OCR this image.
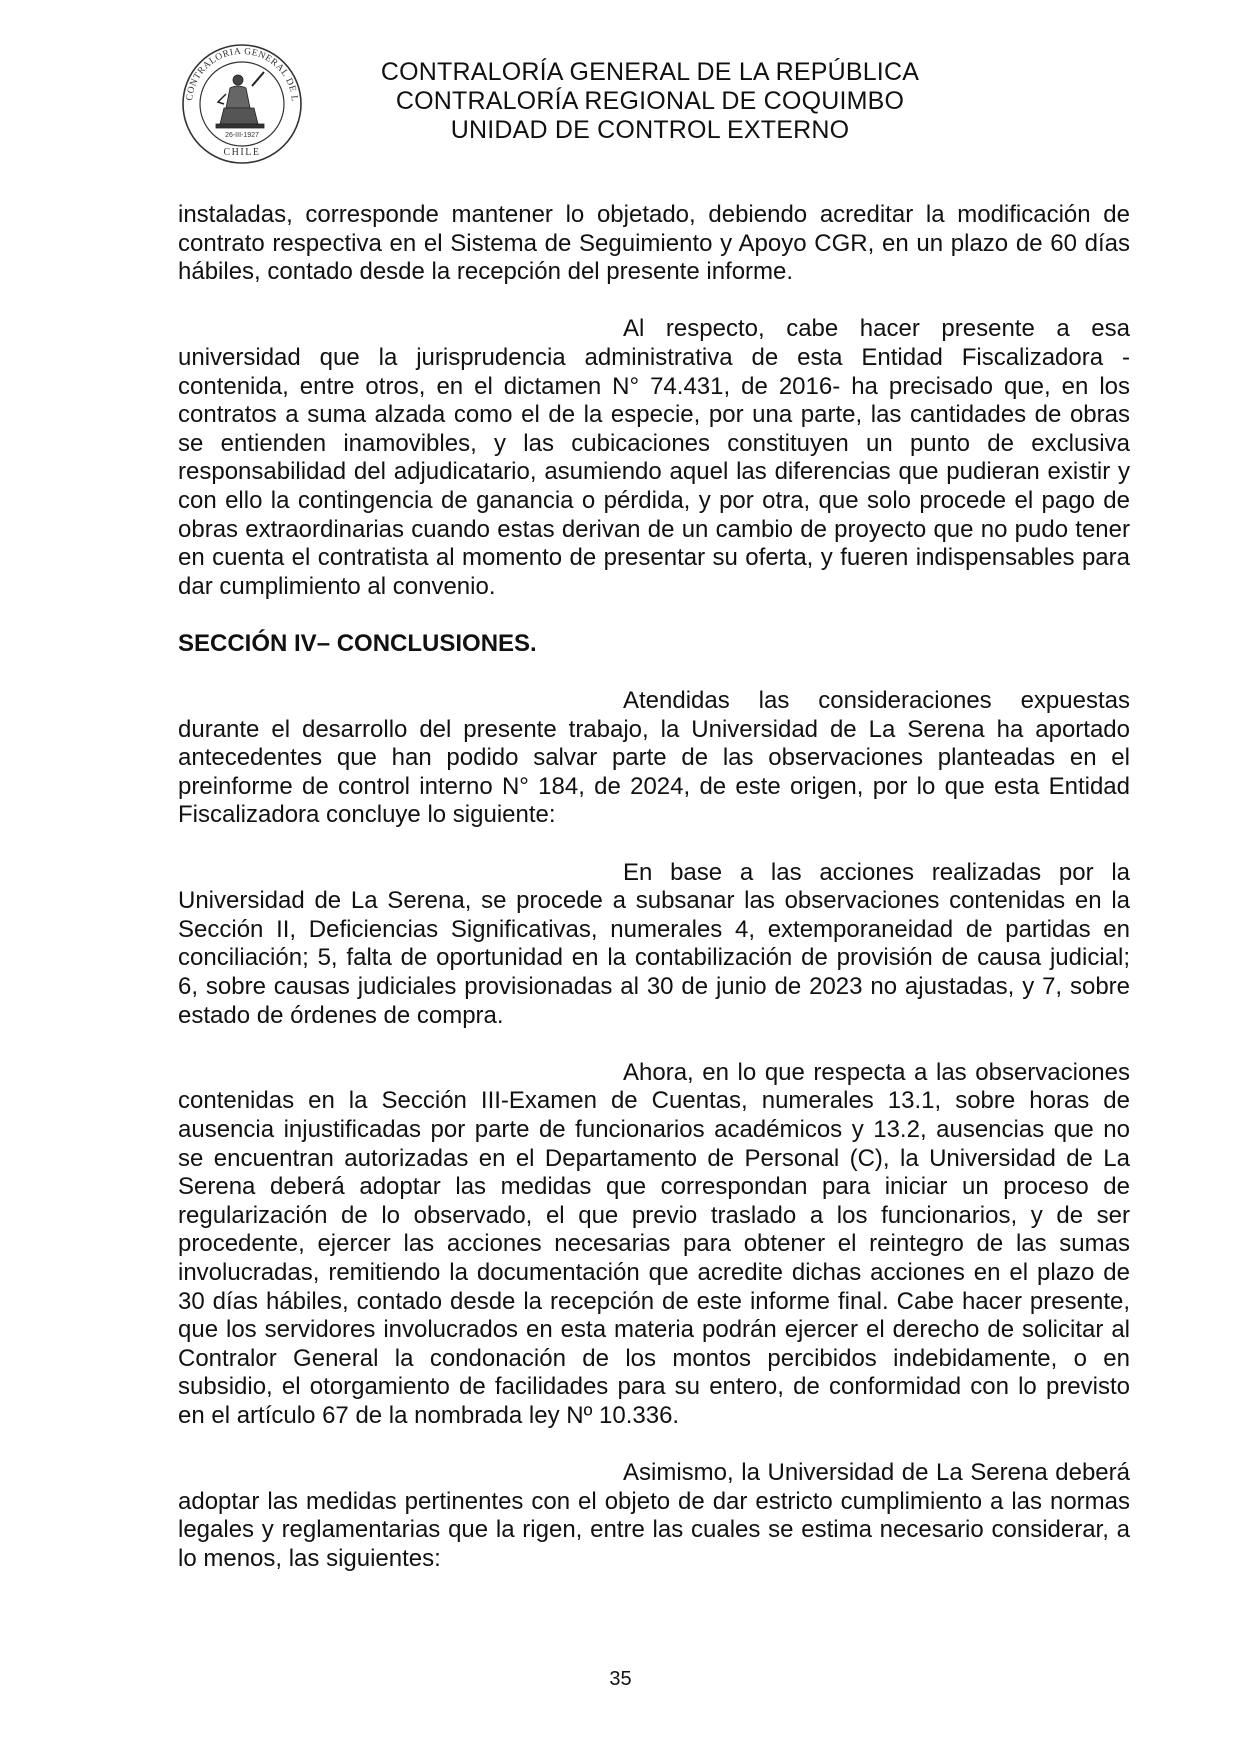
CONTRALORIA GENERAL DE L
26-III-1927
CHILE
CONTRALORÍA GENERAL DE LA REPÚBLICA
CONTRALORÍA REGIONAL DE COQUIMBO
UNIDAD DE CONTROL EXTERNO

instaladas, corresponde mantener lo objetado, debiendo acreditar la modificación de contrato respectiva en el Sistema de Seguimiento y Apoyo CGR, en un plazo de 60 días hábiles, contado desde la recepción del presente informe.

Al respecto, cabe hacer presente a esa universidad que la jurisprudencia administrativa de esta Entidad Fiscalizadora - contenida, entre otros, en el dictamen N° 74.431, de 2016- ha precisado que, en los contratos a suma alzada como el de la especie, por una parte, las cantidades de obras se entienden inamovibles, y las cubicaciones constituyen un punto de exclusiva responsabilidad del adjudicatario, asumiendo aquel las diferencias que pudieran existir y con ello la contingencia de ganancia o pérdida, y por otra, que solo procede el pago de obras extraordinarias cuando estas derivan de un cambio de proyecto que no pudo tener en cuenta el contratista al momento de presentar su oferta, y fueren indispensables para dar cumplimiento al convenio.

SECCIÓN IV– CONCLUSIONES.

Atendidas las consideraciones expuestas durante el desarrollo del presente trabajo, la Universidad de La Serena ha aportado antecedentes que han podido salvar parte de las observaciones planteadas en el preinforme de control interno N° 184, de 2024, de este origen, por lo que esta Entidad Fiscalizadora concluye lo siguiente:

En base a las acciones realizadas por la Universidad de La Serena, se procede a subsanar las observaciones contenidas en la Sección II, Deficiencias Significativas, numerales 4, extemporaneidad de partidas en conciliación; 5, falta de oportunidad en la contabilización de provisión de causa judicial; 6, sobre causas judiciales provisionadas al 30 de junio de 2023 no ajustadas, y 7, sobre estado de órdenes de compra.

Ahora, en lo que respecta a las observaciones contenidas en la Sección III-Examen de Cuentas, numerales 13.1, sobre horas de ausencia injustificadas por parte de funcionarios académicos y 13.2, ausencias que no se encuentran autorizadas en el Departamento de Personal (C), la Universidad de La Serena deberá adoptar las medidas que correspondan para iniciar un proceso de regularización de lo observado, el que previo traslado a los funcionarios, y de ser procedente, ejercer las acciones necesarias para obtener el reintegro de las sumas involucradas, remitiendo la documentación que acredite dichas acciones en el plazo de 30 días hábiles, contado desde la recepción de este informe final. Cabe hacer presente, que los servidores involucrados en esta materia podrán ejercer el derecho de solicitar al Contralor General la condonación de los montos percibidos indebidamente, o en subsidio, el otorgamiento de facilidades para su entero, de conformidad con lo previsto en el artículo 67 de la nombrada ley Nº 10.336.

Asimismo, la Universidad de La Serena deberá adoptar las medidas pertinentes con el objeto de dar estricto cumplimiento a las normas legales y reglamentarias que la rigen, entre las cuales se estima necesario considerar, a lo menos, las siguientes:

35
